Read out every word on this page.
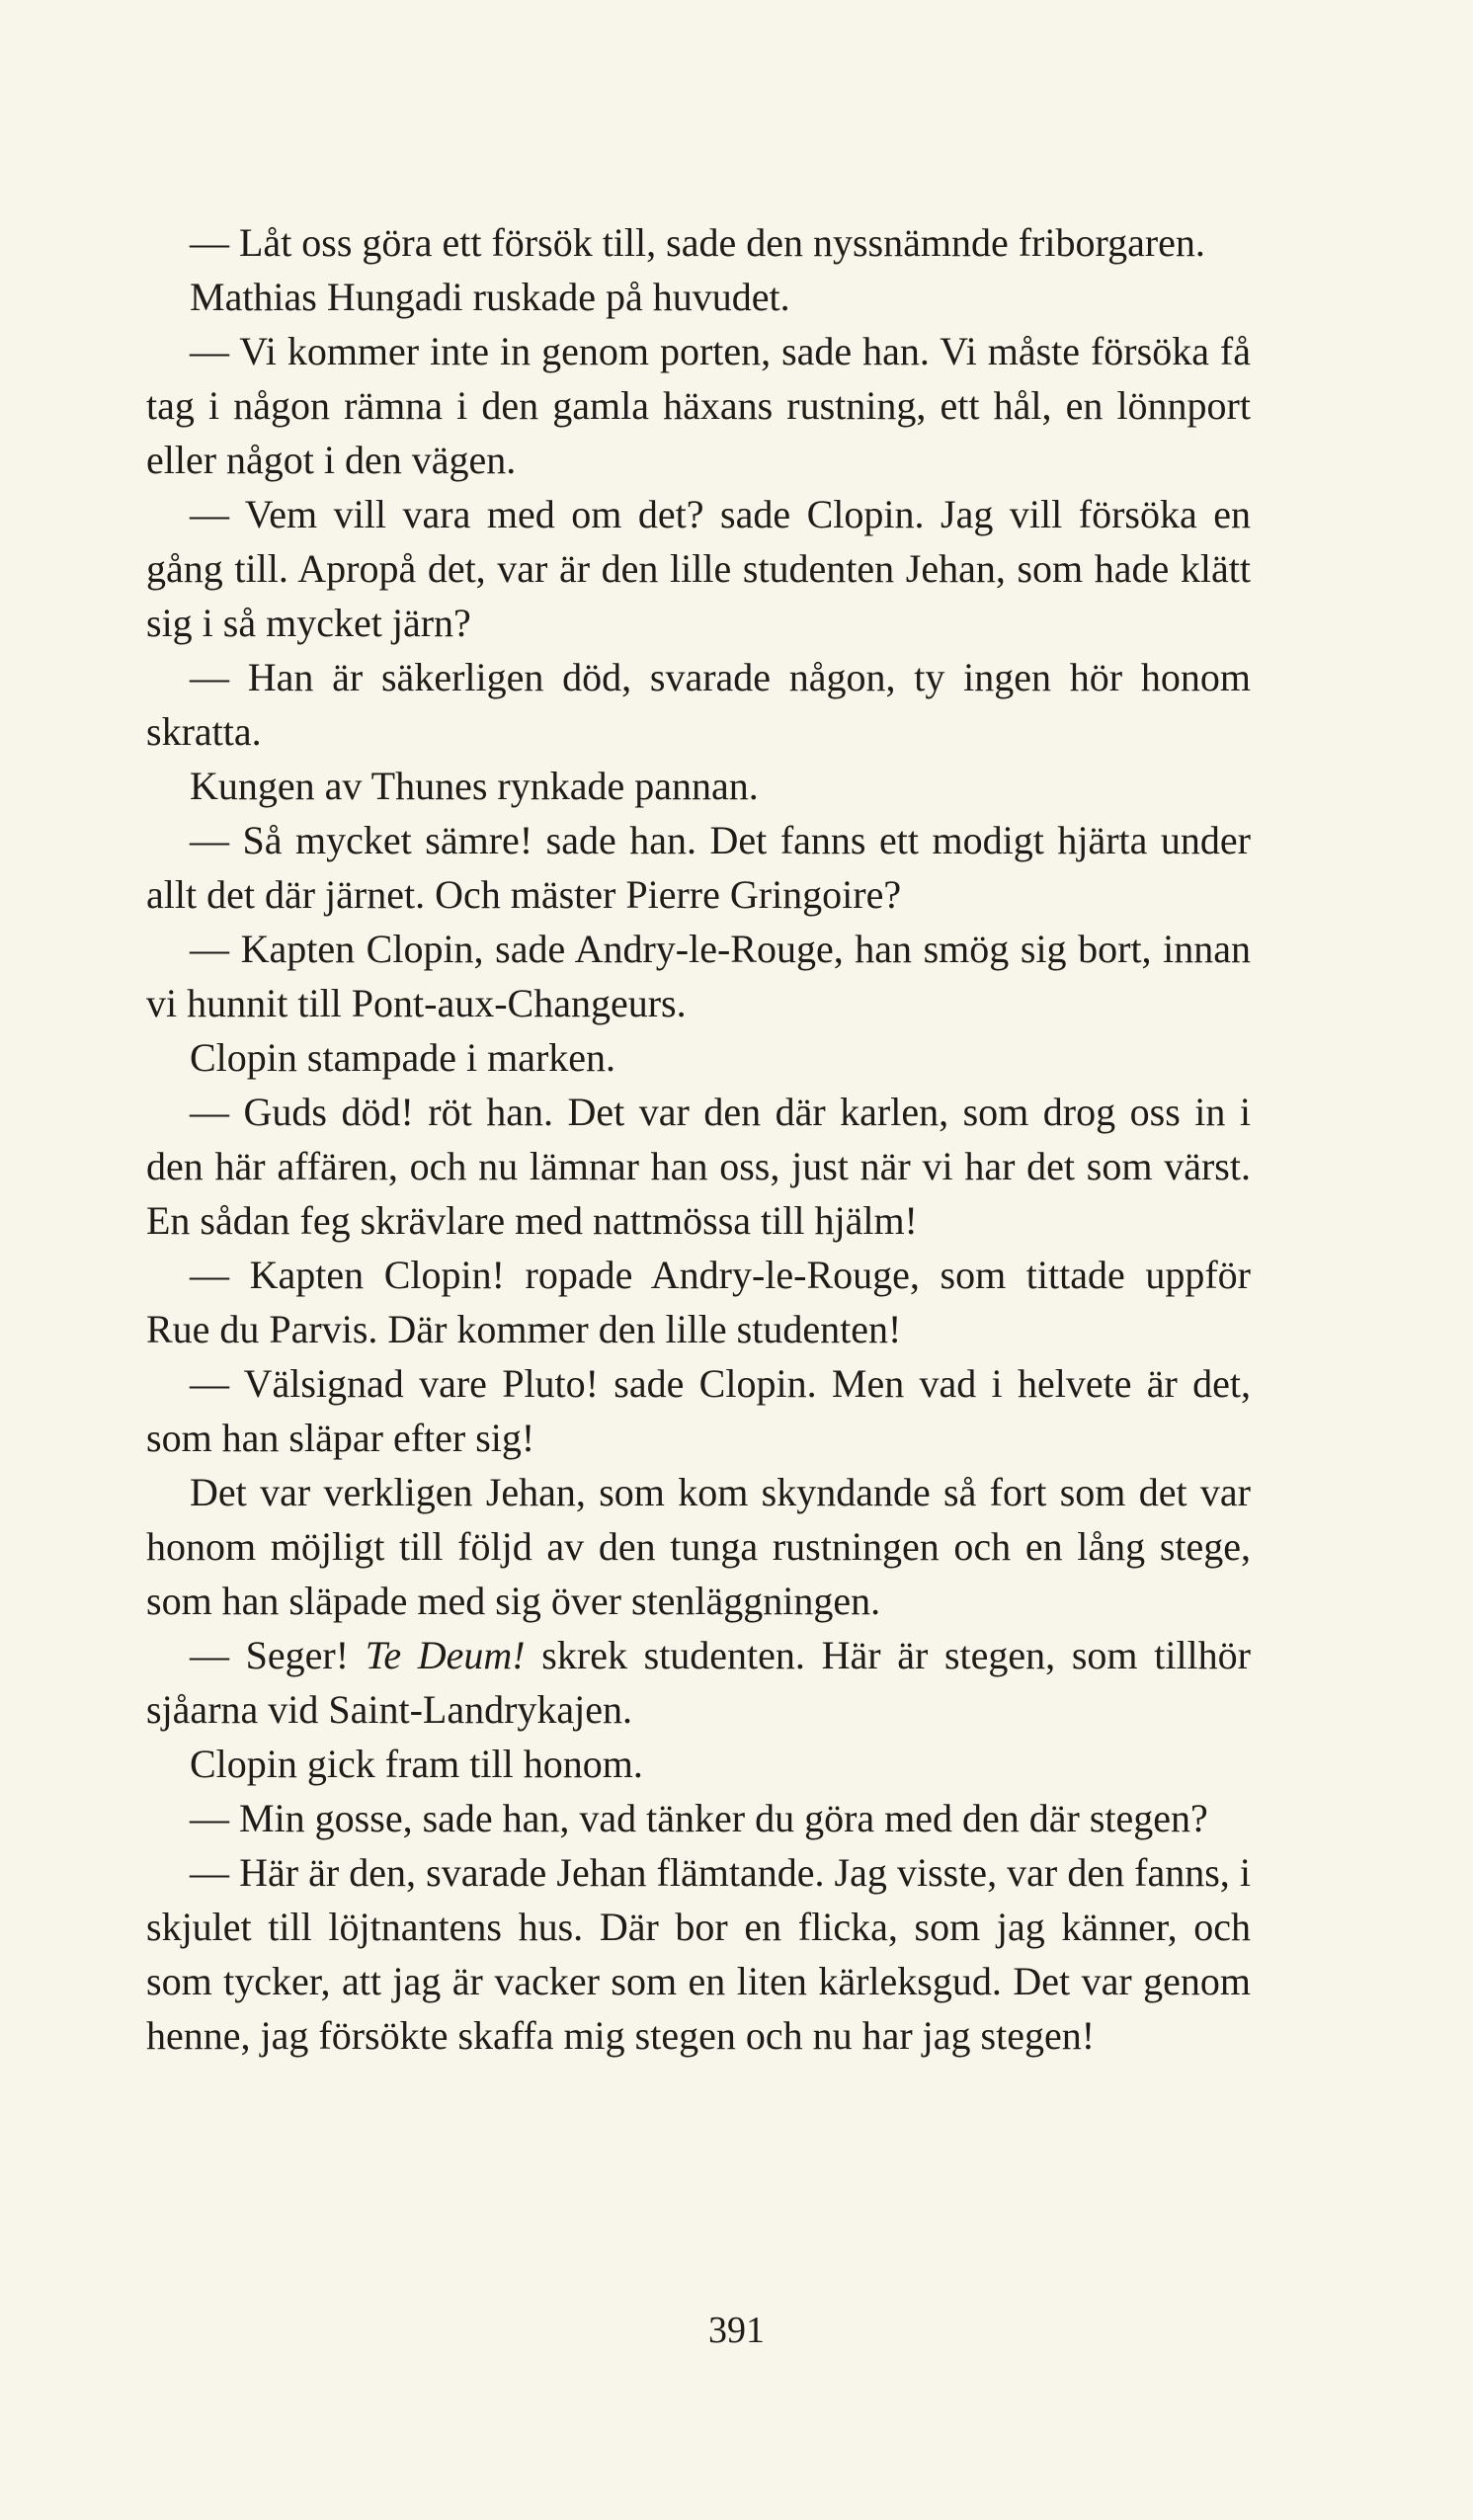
— Låt oss göra ett försök till, sade den nyssnämnde friborgaren.

Mathias Hungadi ruskade på huvudet.

— Vi kommer inte in genom porten, sade han. Vi måste försöka få tag i någon rämna i den gamla häxans rustning, ett hål, en lönnport eller något i den vägen.

— Vem vill vara med om det? sade Clopin. Jag vill försöka en gång till. Apropå det, var är den lille studenten Jehan, som hade klätt sig i så mycket järn?

— Han är säkerligen död, svarade någon, ty ingen hör honom skratta.

Kungen av Thunes rynkade pannan.

— Så mycket sämre! sade han. Det fanns ett modigt hjärta under allt det där järnet. Och mäster Pierre Gringoire?

— Kapten Clopin, sade Andry-le-Rouge, han smög sig bort, innan vi hunnit till Pont-aux-Changeurs.

Clopin stampade i marken.

— Guds död! röt han. Det var den där karlen, som drog oss in i den här affären, och nu lämnar han oss, just när vi har det som värst. En sådan feg skrävlare med nattmössa till hjälm!

— Kapten Clopin! ropade Andry-le-Rouge, som tittade uppför Rue du Parvis. Där kommer den lille studenten!

— Välsignad vare Pluto! sade Clopin. Men vad i helvete är det, som han släpar efter sig!

Det var verkligen Jehan, som kom skyndande så fort som det var honom möjligt till följd av den tunga rustningen och en lång stege, som han släpade med sig över stenläggningen.

— Seger! Te Deum! skrek studenten. Här är stegen, som tillhör sjåarna vid Saint-Landrykajen.

Clopin gick fram till honom.

— Min gosse, sade han, vad tänker du göra med den där stegen?

— Här är den, svarade Jehan flämtande. Jag visste, var den fanns, i skjulet till löjtnantens hus. Där bor en flicka, som jag känner, och som tycker, att jag är vacker som en liten kärleksgud. Det var genom henne, jag försökte skaffa mig stegen och nu har jag stegen!

391
